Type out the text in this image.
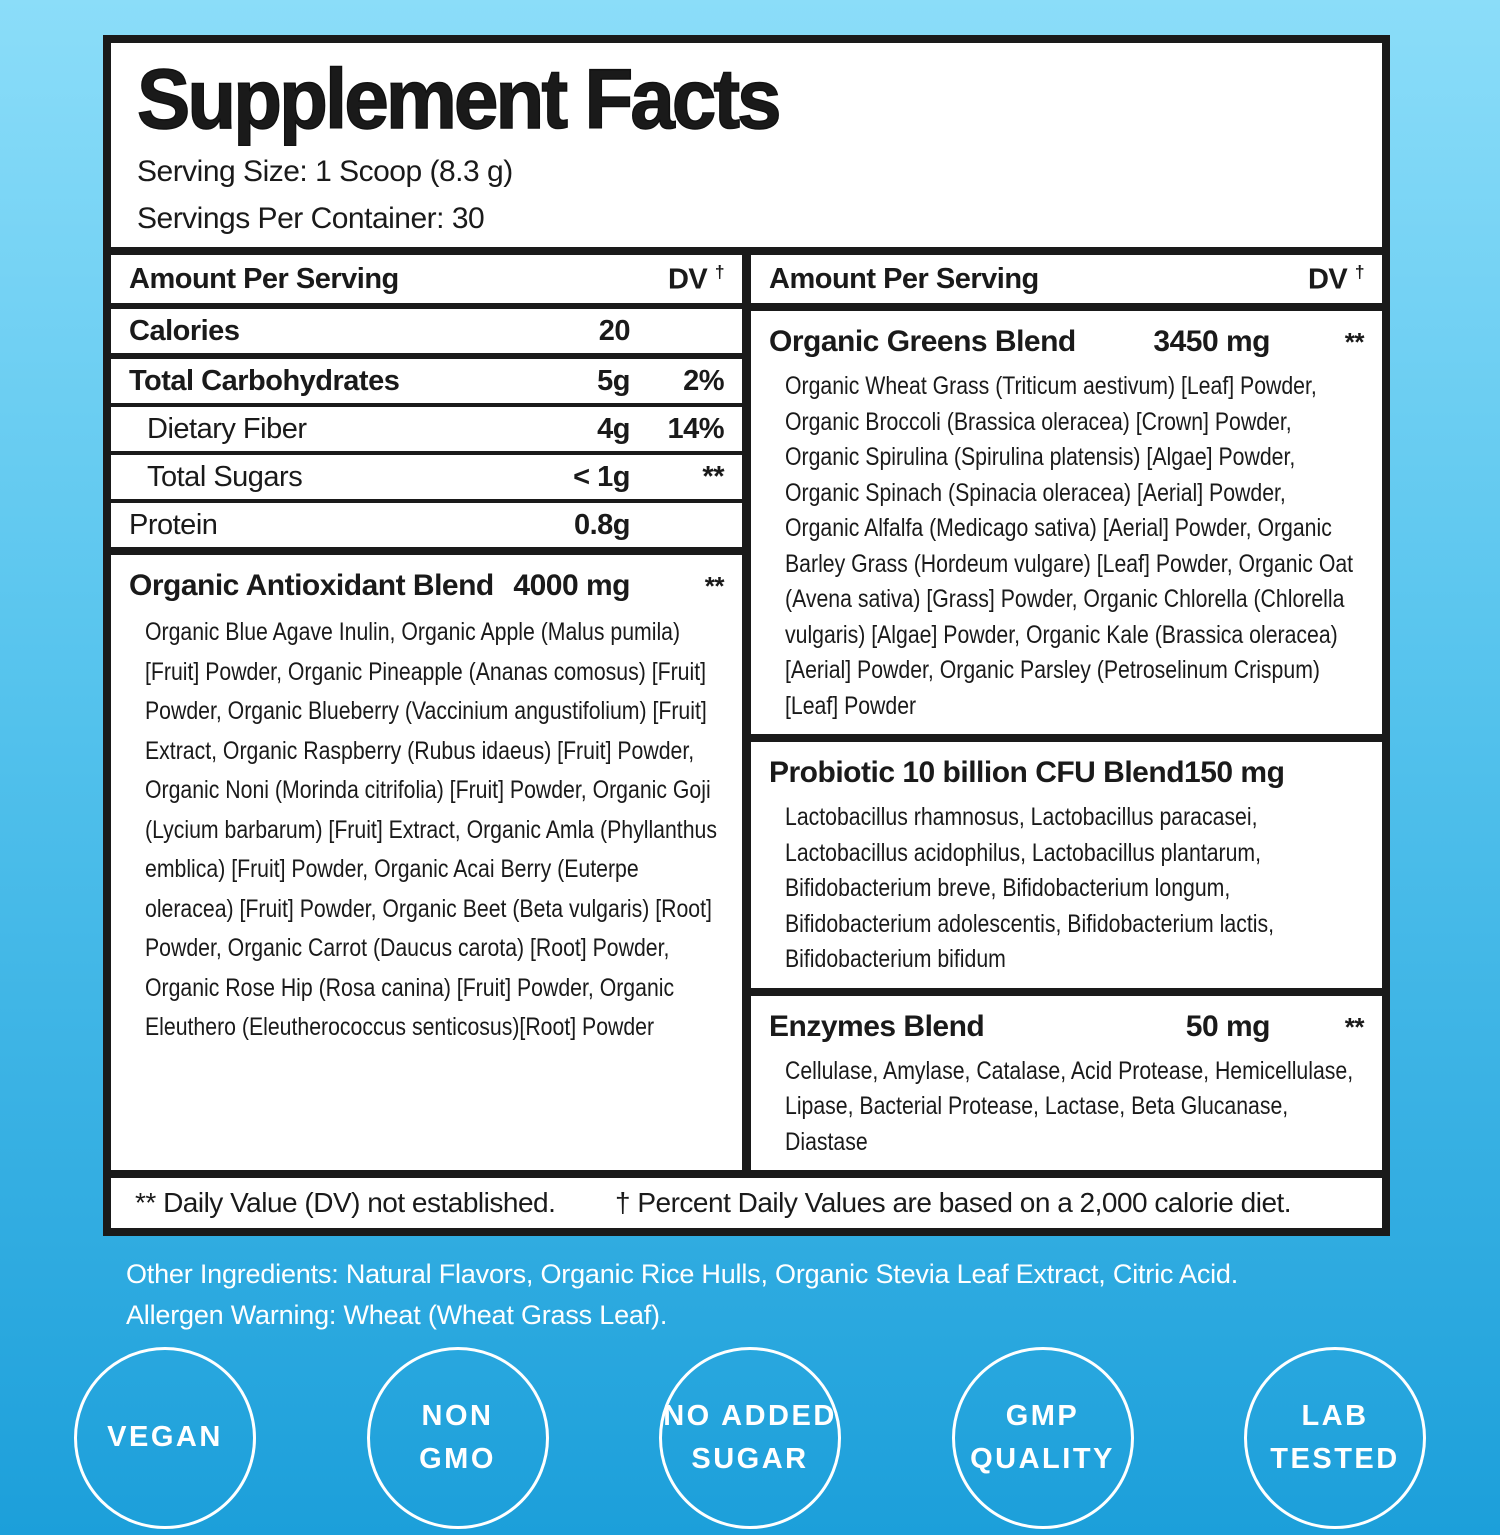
Supplement Facts
Serving Size: 1 Scoop (8.3 g)
Servings Per Container: 30
Amount Per Serving	DV †
Calories	20
Total Carbohydrates	5g	2%
Dietary Fiber	4g	14%
Total Sugars	< 1g	**
Protein	0.8g
Organic Antioxidant Blend 4000 mg	**
Organic Blue Agave Inulin, Organic Apple (Malus pumila) [Fruit] Powder, Organic Pineapple (Ananas comosus) [Fruit] Powder, Organic Blueberry (Vaccinium angustifolium) [Fruit] Extract, Organic Raspberry (Rubus idaeus) [Fruit] Powder, Organic Noni (Morinda citrifolia) [Fruit] Powder, Organic Goji (Lycium barbarum) [Fruit] Extract, Organic Amla (Phyllanthus emblica) [Fruit] Powder, Organic Acai Berry (Euterpe oleracea) [Fruit] Powder, Organic Beet (Beta vulgaris) [Root] Powder, Organic Carrot (Daucus carota) [Root] Powder, Organic Rose Hip (Rosa canina) [Fruit] Powder, Organic Eleuthero (Eleutherococcus senticosus)[Root] Powder
Amount Per Serving	DV †
Organic Greens Blend	3450 mg	**
Organic Wheat Grass (Triticum aestivum) [Leaf] Powder, Organic Broccoli (Brassica oleracea) [Crown] Powder, Organic Spirulina (Spirulina platensis) [Algae] Powder, Organic Spinach (Spinacia oleracea) [Aerial] Powder, Organic Alfalfa (Medicago sativa) [Aerial] Powder, Organic Barley Grass (Hordeum vulgare) [Leaf] Powder, Organic Oat (Avena sativa) [Grass] Powder, Organic Chlorella (Chlorella vulgaris) [Algae] Powder, Organic Kale (Brassica oleracea) [Aerial] Powder, Organic Parsley (Petroselinum Crispum) [Leaf] Powder
Probiotic 10 billion CFU Blend 150 mg
Lactobacillus rhamnosus, Lactobacillus paracasei, Lactobacillus acidophilus, Lactobacillus plantarum, Bifidobacterium breve, Bifidobacterium longum, Bifidobacterium adolescentis, Bifidobacterium lactis, Bifidobacterium bifidum
Enzymes Blend	50 mg	**
Cellulase, Amylase, Catalase, Acid Protease, Hemicellulase, Lipase, Bacterial Protease, Lactase, Beta Glucanase, Diastase
** Daily Value (DV) not established.	† Percent Daily Values are based on a 2,000 calorie diet.
Other Ingredients: Natural Flavors, Organic Rice Hulls, Organic Stevia Leaf Extract, Citric Acid.
Allergen Warning: Wheat (Wheat Grass Leaf).
VEGAN
NON
GMO
NO ADDED
SUGAR
GMP
QUALITY
LAB
TESTED
